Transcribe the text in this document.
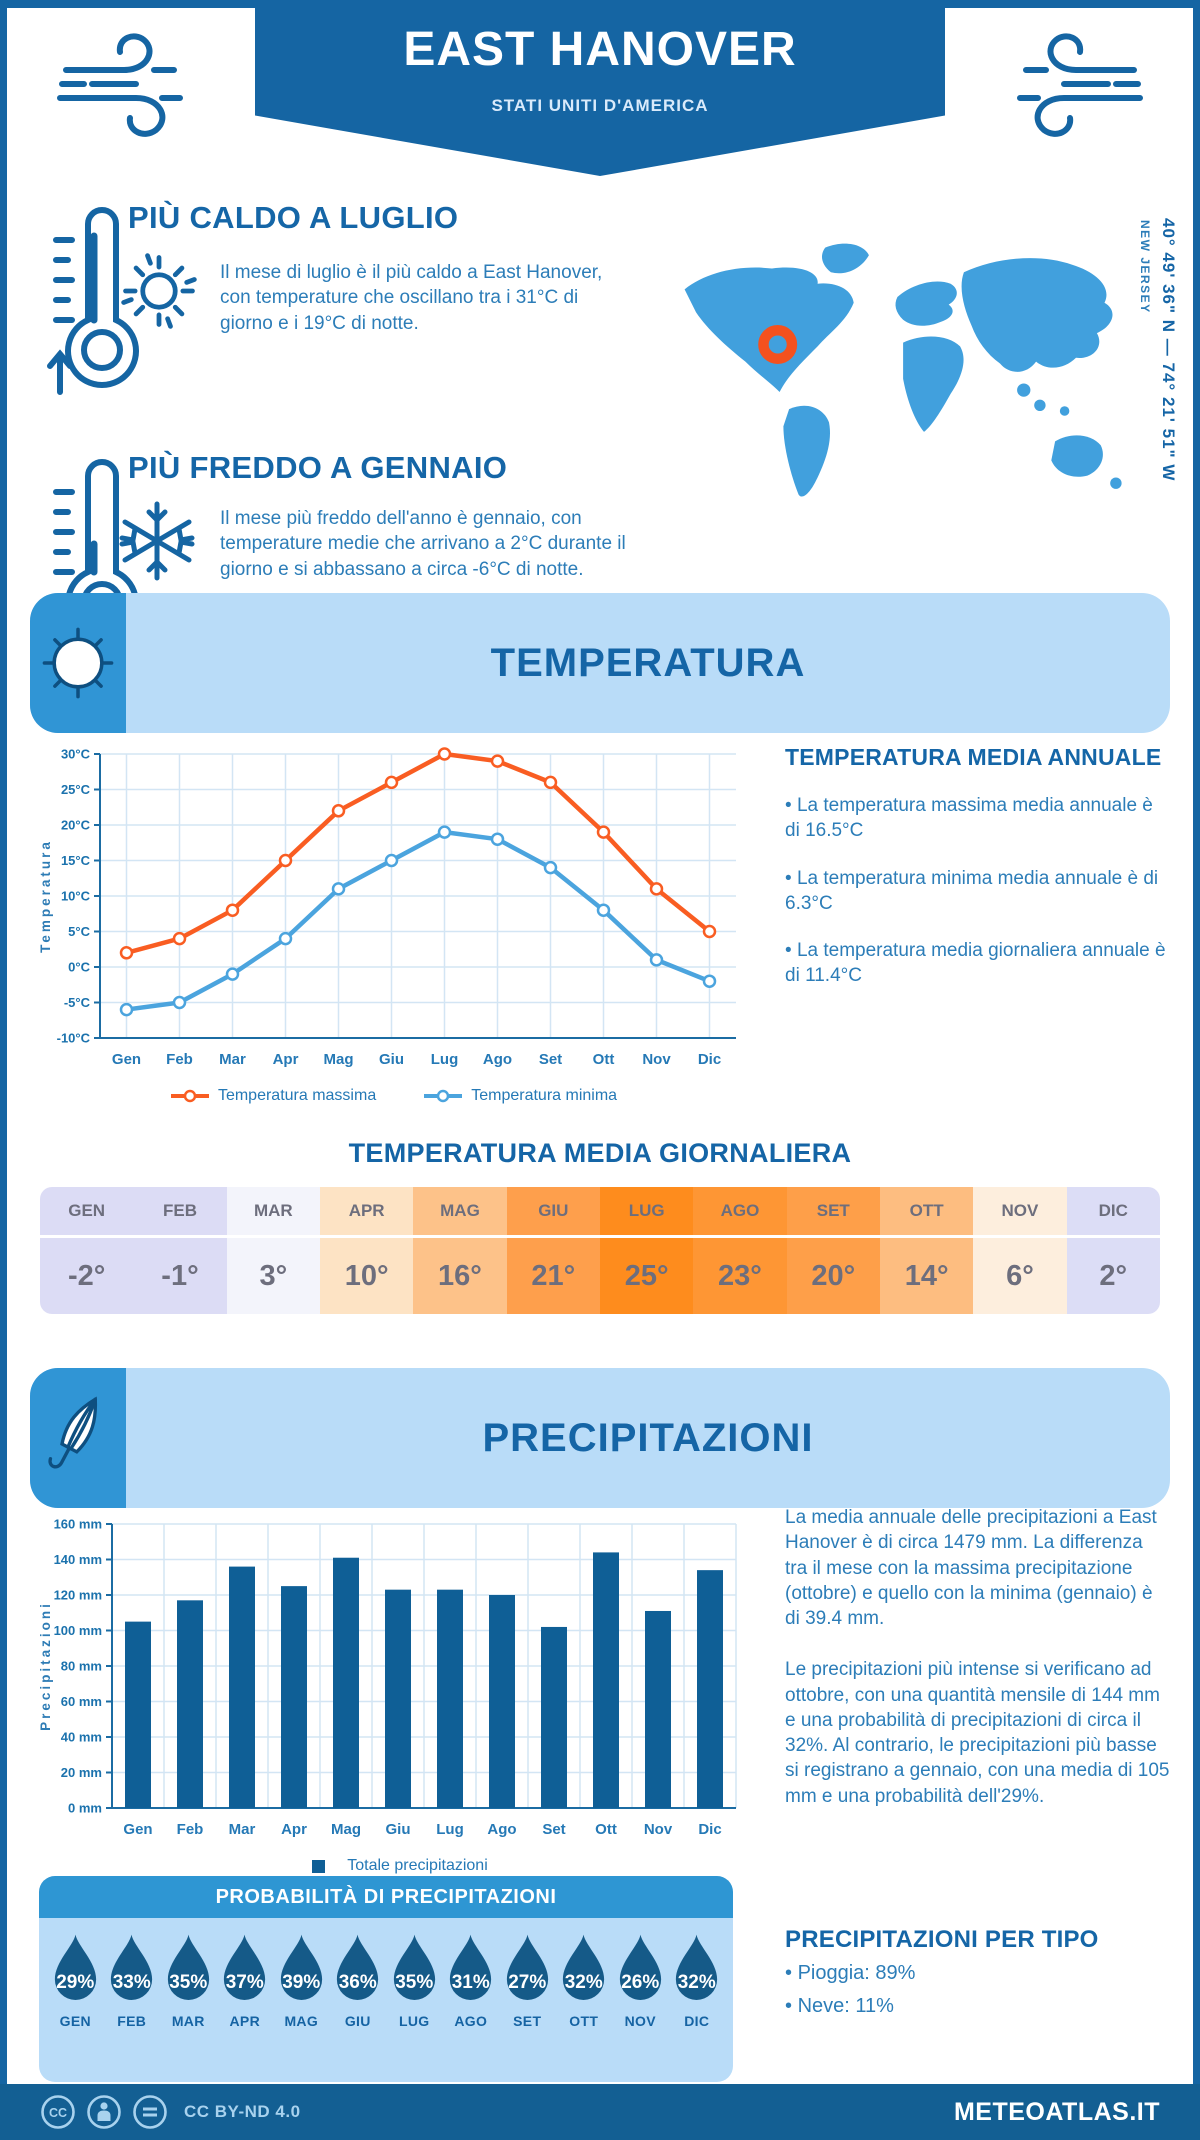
EAST HANOVER
STATI UNITI D'AMERICA
PIÙ CALDO A LUGLIO
Il mese di luglio è il più caldo a East Hanover, con temperature che oscillano tra i 31°C di giorno e i 19°C di notte.
PIÙ FREDDO A GENNAIO
Il mese più freddo dell'anno è gennaio, con temperature medie che arrivano a 2°C durante il giorno e si abbassano a circa -6°C di notte.
40° 49' 36" N — 74° 21' 51" W
NEW JERSEY
TEMPERATURA
-10°C
-5°C
0°C
5°C
10°C
15°C
20°C
25°C
30°C
Temperatura
Gen Feb Mar Apr Mag Giu Lug Ago Set Ott Nov Dic
Temperatura massima	Temperatura minima
TEMPERATURA MEDIA ANNUALE
• La temperatura massima media annuale è di 16.5°C
• La temperatura minima media annuale è di 6.3°C
• La temperatura media giornaliera annuale è di 11.4°C
TEMPERATURA MEDIA GIORNALIERA
GEN
-2°
FEB
-1°
MAR
3°
APR
10°
MAG
16°
GIU
21°
LUG
25°
AGO
23°
SET
20°
OTT
14°
NOV
6°
DIC
2°
PRECIPITAZIONI
0 mm
20 mm
40 mm
60 mm
80 mm
100 mm
120 mm
140 mm
160 mm
Precipitazioni
Gen Feb Mar Apr Mag Giu Lug Ago Set Ott Nov Dic
Totale precipitazioni
La media annuale delle precipitazioni a East Hanover è di circa 1479 mm. La differenza tra il mese con la massima precipitazione (ottobre) e quello con la minima (gennaio) è di 39.4 mm.
Le precipitazioni più intense si verificano ad ottobre, con una quantità mensile di 144 mm e una probabilità di precipitazioni di circa il 32%. Al contrario, le precipitazioni più basse si registrano a gennaio, con una media di 105 mm e una probabilità dell'29%.
PROBABILITÀ DI PRECIPITAZIONI
29%
GEN
33%
FEB
35%
MAR
37%
APR
39%
MAG
36%
GIU
35%
LUG
31%
AGO
27%
SET
32%
OTT
26%
NOV
32%
DIC
PRECIPITAZIONI PER TIPO
• Pioggia: 89%
• Neve: 11%
CC	CC BY-ND 4.0	METEOATLAS.IT
